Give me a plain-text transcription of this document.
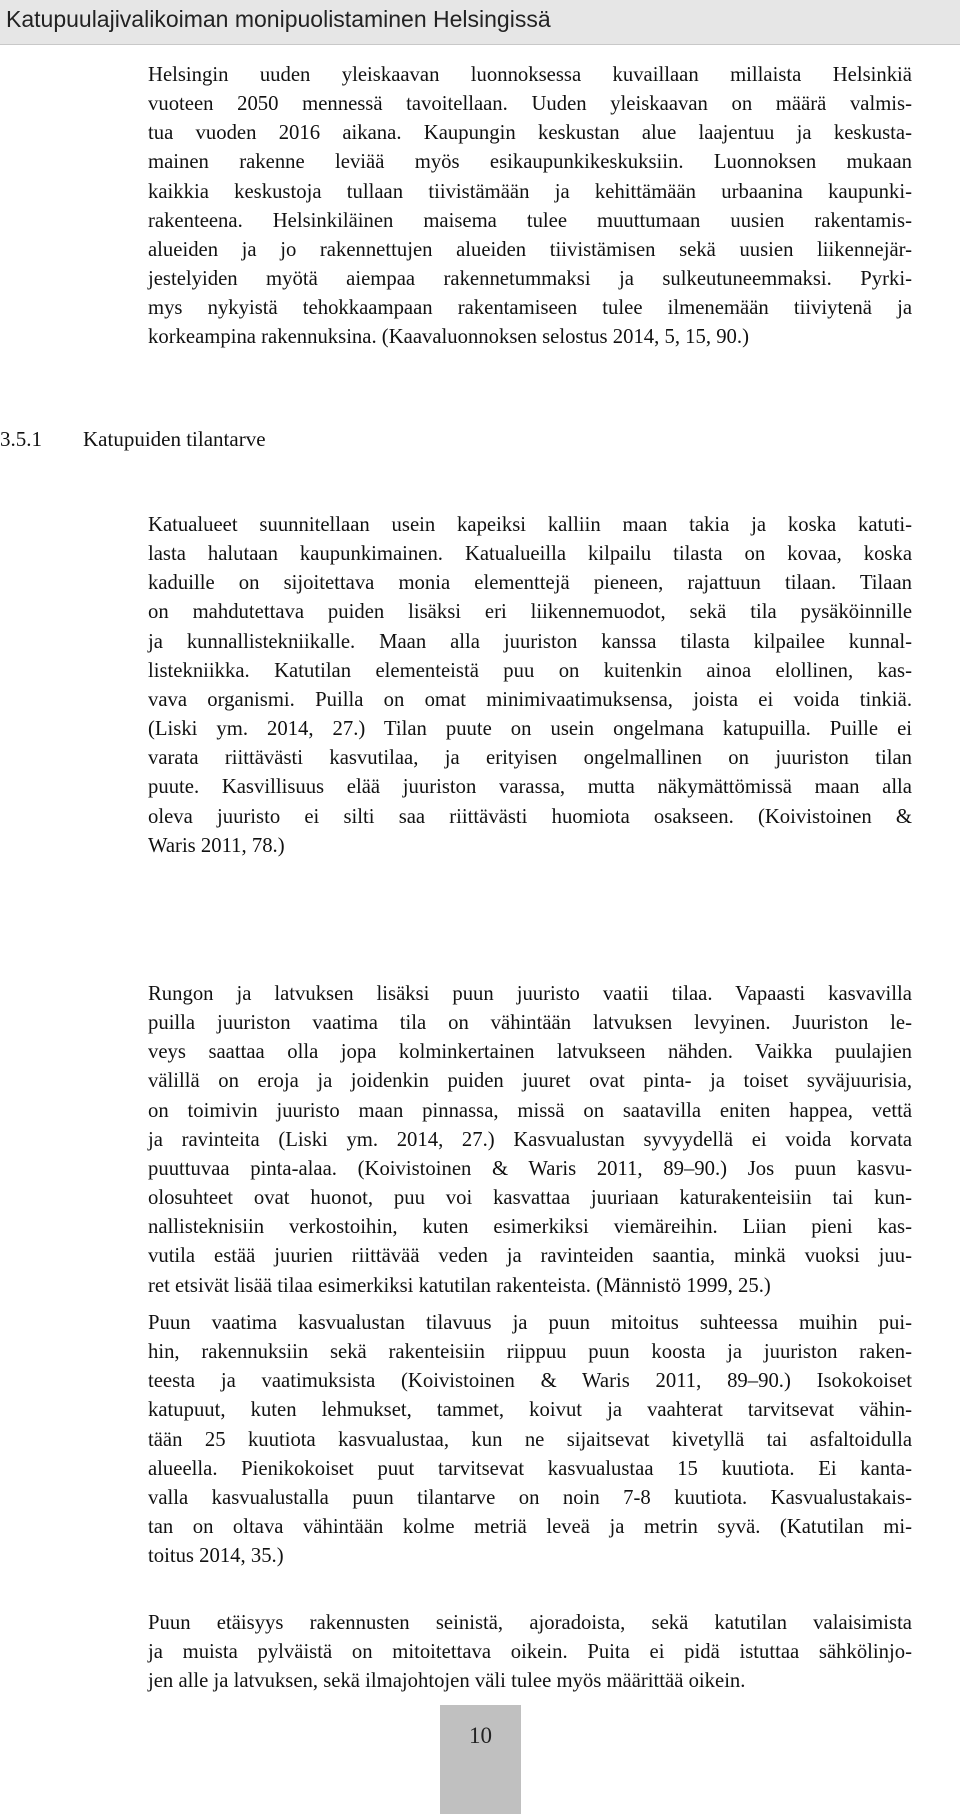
Katupuulajivalikoiman monipuolistaminen Helsingissä
Helsingin uuden yleiskaavan luonnoksessa kuvaillaan millaista Helsinkiä
vuoteen 2050 mennessä tavoitellaan. Uuden yleiskaavan on määrä valmis-
tua vuoden 2016 aikana. Kaupungin keskustan alue laajentuu ja keskusta-
mainen rakenne leviää myös esikaupunkikeskuksiin. Luonnoksen mukaan
kaikkia keskustoja tullaan tiivistämään ja kehittämään urbaanina kaupunki-
rakenteena. Helsinkiläinen maisema tulee muuttumaan uusien rakentamis-
alueiden ja jo rakennettujen alueiden tiivistämisen sekä uusien liikennejär-
jestelyiden myötä aiempaa rakennetummaksi ja sulkeutuneemmaksi. Pyrki-
mys nykyistä tehokkaampaan rakentamiseen tulee ilmenemään tiiviytenä ja
korkeampina rakennuksina. (Kaavaluonnoksen selostus 2014, 5, 15, 90.)
3.5.1 Katupuiden tilantarve
Katualueet suunnitellaan usein kapeiksi kalliin maan takia ja koska katuti-
lasta halutaan kaupunkimainen. Katualueilla kilpailu tilasta on kovaa, koska
kaduille on sijoitettava monia elementtejä pieneen, rajattuun tilaan. Tilaan
on mahdutettava puiden lisäksi eri liikennemuodot, sekä tila pysäköinnille
ja kunnallistekniikalle. Maan alla juuriston kanssa tilasta kilpailee kunnal-
listekniikka. Katutilan elementeistä puu on kuitenkin ainoa elollinen, kas-
vava organismi. Puilla on omat minimivaatimuksensa, joista ei voida tinkiä.
(Liski ym. 2014, 27.) Tilan puute on usein ongelmana katupuilla. Puille ei
varata riittävästi kasvutilaa, ja erityisen ongelmallinen on juuriston tilan
puute. Kasvillisuus elää juuriston varassa, mutta näkymättömissä maan alla
oleva juuristo ei silti saa riittävästi huomiota osakseen. (Koivistoinen &
Waris 2011, 78.)
Rungon ja latvuksen lisäksi puun juuristo vaatii tilaa. Vapaasti kasvavilla
puilla juuriston vaatima tila on vähintään latvuksen levyinen. Juuriston le-
veys saattaa olla jopa kolminkertainen latvukseen nähden. Vaikka puulajien
välillä on eroja ja joidenkin puiden juuret ovat pinta- ja toiset syväjuurisia,
on toimivin juuristo maan pinnassa, missä on saatavilla eniten happea, vettä
ja ravinteita (Liski ym. 2014, 27.) Kasvualustan syvyydellä ei voida korvata
puuttuvaa pinta-alaa. (Koivistoinen & Waris 2011, 89–90.) Jos puun kasvu-
olosuhteet ovat huonot, puu voi kasvattaa juuriaan katurakenteisiin tai kun-
nallisteknisiin verkostoihin, kuten esimerkiksi viemäreihin. Liian pieni kas-
vutila estää juurien riittävää veden ja ravinteiden saantia, minkä vuoksi juu-
ret etsivät lisää tilaa esimerkiksi katutilan rakenteista. (Männistö 1999, 25.)
Puun vaatima kasvualustan tilavuus ja puun mitoitus suhteessa muihin pui-
hin, rakennuksiin sekä rakenteisiin riippuu puun koosta ja juuriston raken-
teesta ja vaatimuksista (Koivistoinen & Waris 2011, 89–90.) Isokokoiset
katupuut, kuten lehmukset, tammet, koivut ja vaahterat tarvitsevat vähin-
tään 25 kuutiota kasvualustaa, kun ne sijaitsevat kivetyllä tai asfaltoidulla
alueella. Pienikokoiset puut tarvitsevat kasvualustaa 15 kuutiota. Ei kanta-
valla kasvualustalla puun tilantarve on noin 7-8 kuutiota. Kasvualustakais-
tan on oltava vähintään kolme metriä leveä ja metrin syvä. (Katutilan mi-
toitus 2014, 35.)
Puun etäisyys rakennusten seinistä, ajoradoista, sekä katutilan valaisimista
ja muista pylväistä on mitoitettava oikein. Puita ei pidä istuttaa sähkölinjo-
jen alle ja latvuksen, sekä ilmajohtojen väli tulee myös määrittää oikein.
10
